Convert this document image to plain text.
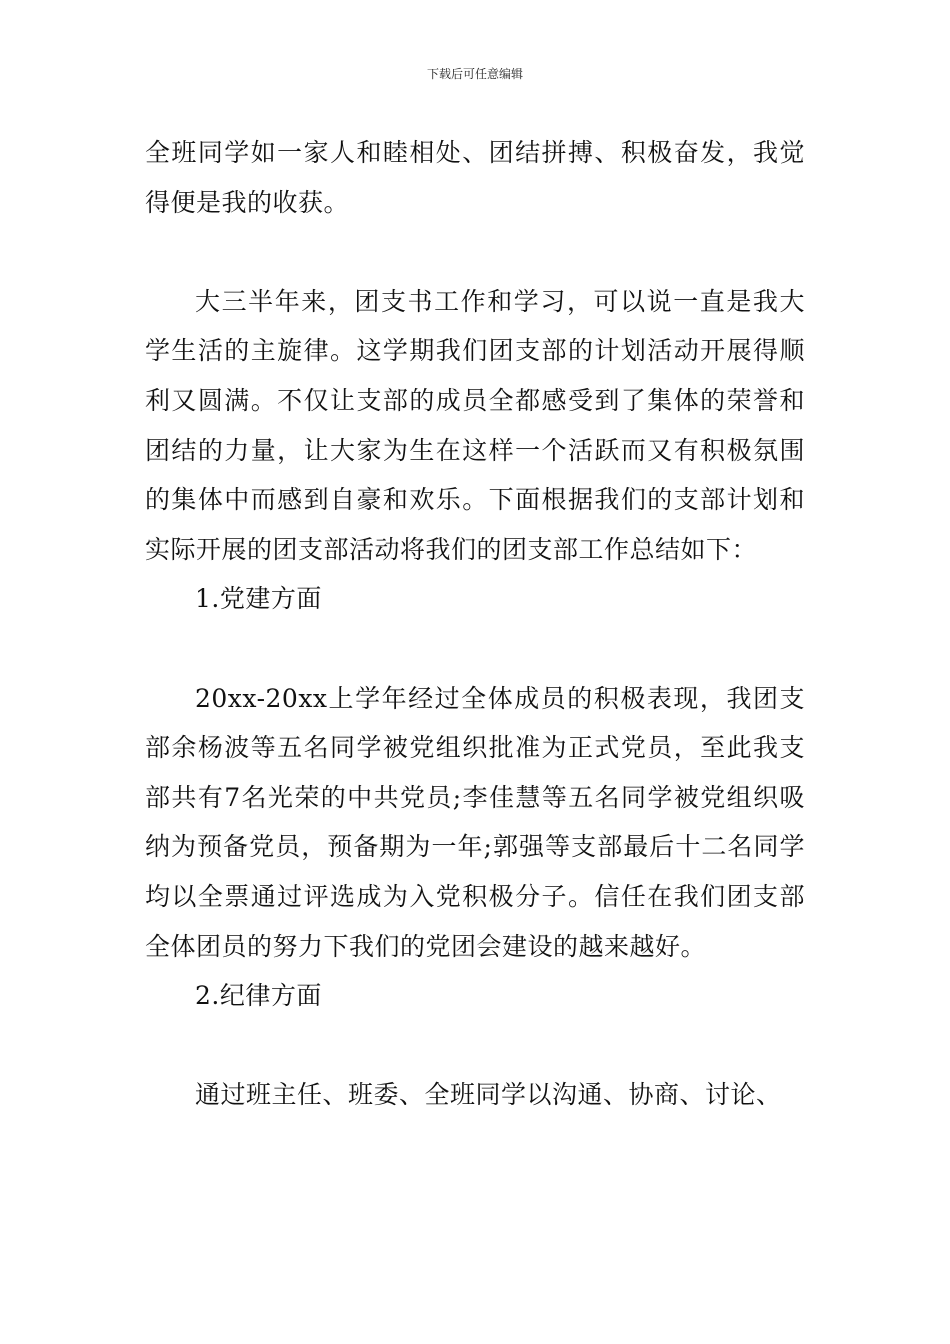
下载后可任意编辑

全班同学如一家人和睦相处、团结拼搏、积极奋发，我觉得便是我的收获。

大三半年来，团支书工作和学习，可以说一直是我大学生活的主旋律。这学期我们团支部的计划活动开展得顺利又圆满。不仅让支部的成员全都感受到了集体的荣誉和团结的力量，让大家为生在这样一个活跃而又有积极氛围的集体中而感到自豪和欢乐。下面根据我们的支部计划和实际开展的团支部活动将我们的团支部工作总结如下：

1.党建方面

20xx-20xx上学年经过全体成员的积极表现，我团支部余杨波等五名同学被党组织批准为正式党员，至此我支部共有7名光荣的中共党员;李佳慧等五名同学被党组织吸纳为预备党员，预备期为一年;郭强等支部最后十二名同学均以全票通过评选成为入党积极分子。信任在我们团支部全体团员的努力下我们的党团会建设的越来越好。

2.纪律方面

通过班主任、班委、全班同学以沟通、协商、讨论、
